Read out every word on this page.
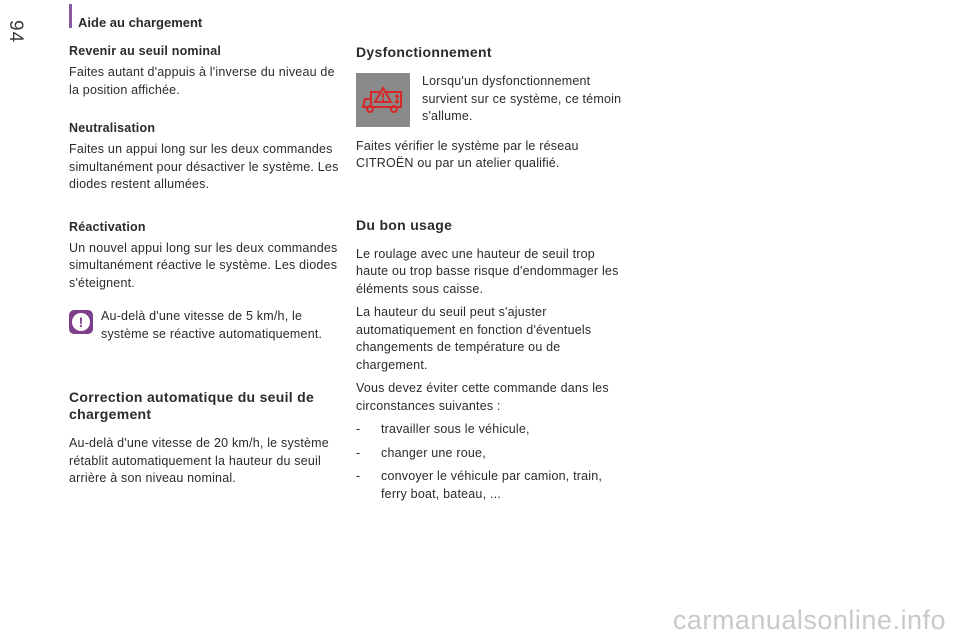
94	Aide au chargement
Revenir au seuil nominal
Faites autant d'appuis à l'inverse du niveau de la position affichée.
Neutralisation
Faites un appui long sur les deux commandes simultanément pour désactiver le système. Les diodes restent allumées.
Réactivation
Un nouvel appui long sur les deux commandes simultanément réactive le système. Les diodes s'éteignent.
!	Au-delà d'une vitesse de 5 km/h, le système se réactive automatiquement.
Correction automatique du seuil de chargement
Au-delà d'une vitesse de 20 km/h, le système rétablit automatiquement la hauteur du seuil arrière à son niveau nominal.
Dysfonctionnement
Lorsqu'un dysfonctionnement survient sur ce système, ce témoin s'allume.
Faites vérifier le système par le réseau CITROËN ou par un atelier qualifié.
Du bon usage
Le roulage avec une hauteur de seuil trop haute ou trop basse risque d'endommager les éléments sous caisse.
La hauteur du seuil peut s'ajuster automatiquement en fonction d'éventuels changements de température ou de chargement.
Vous devez éviter cette commande dans les circonstances suivantes :
- travailler sous le véhicule,
- changer une roue,
- convoyer le véhicule par camion, train, ferry boat, bateau, ...
carmanualsonline.info
